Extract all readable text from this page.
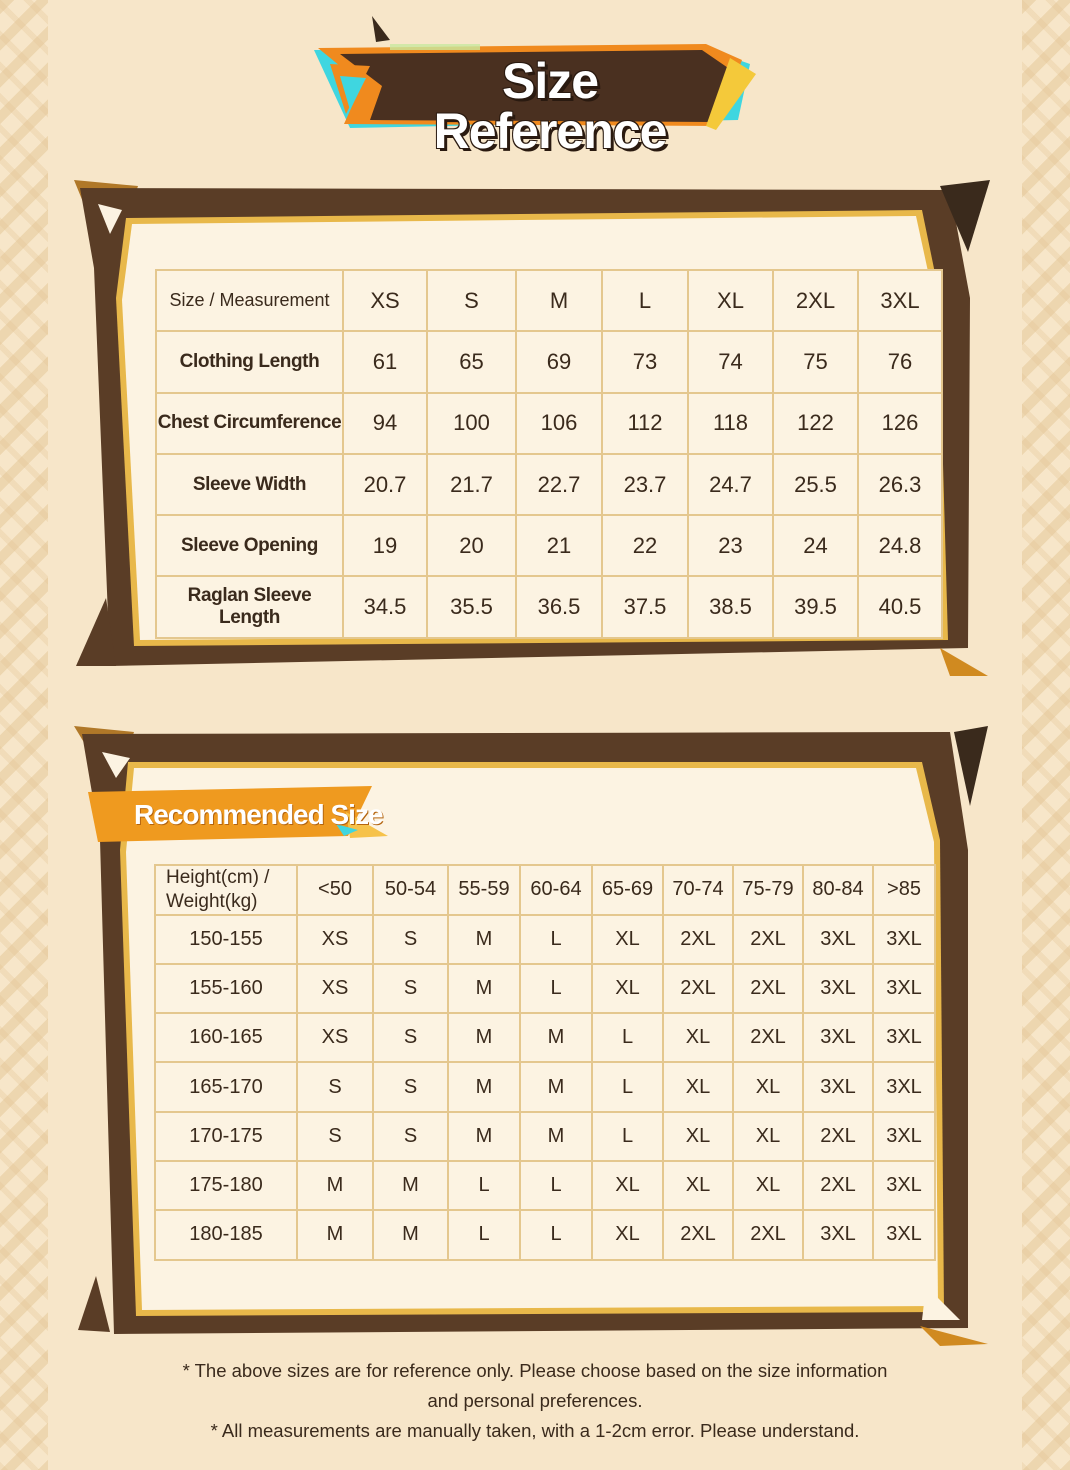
Size Reference
Size / Measurement	XS	S	M	L	XL	2XL	3XL
Clothing Length	61	65	69	73	74	75	76
Chest Circumference	94	100	106	112	118	122	126
Sleeve Width	20.7	21.7	22.7	23.7	24.7	25.5	26.3
Sleeve Opening	19	20	21	22	23	24	24.8
Raglan Sleeve Length	34.5	35.5	36.5	37.5	38.5	39.5	40.5
Recommended Size
Height(cm) /
Weight(kg)	<50	50-54	55-59	60-64	65-69	70-74	75-79	80-84	>85
150-155	XS	S	M	L	XL	2XL	2XL	3XL	3XL
155-160	XS	S	M	L	XL	2XL	2XL	3XL	3XL
160-165	XS	S	M	M	L	XL	2XL	3XL	3XL
165-170	S	S	M	M	L	XL	XL	3XL	3XL
170-175	S	S	M	M	L	XL	XL	2XL	3XL
175-180	M	M	L	L	XL	XL	XL	2XL	3XL
180-185	M	M	L	L	XL	2XL	2XL	3XL	3XL
* The above sizes are for reference only. Please choose based on the size information
and personal preferences.
* All measurements are manually taken, with a 1-2cm error. Please understand.
